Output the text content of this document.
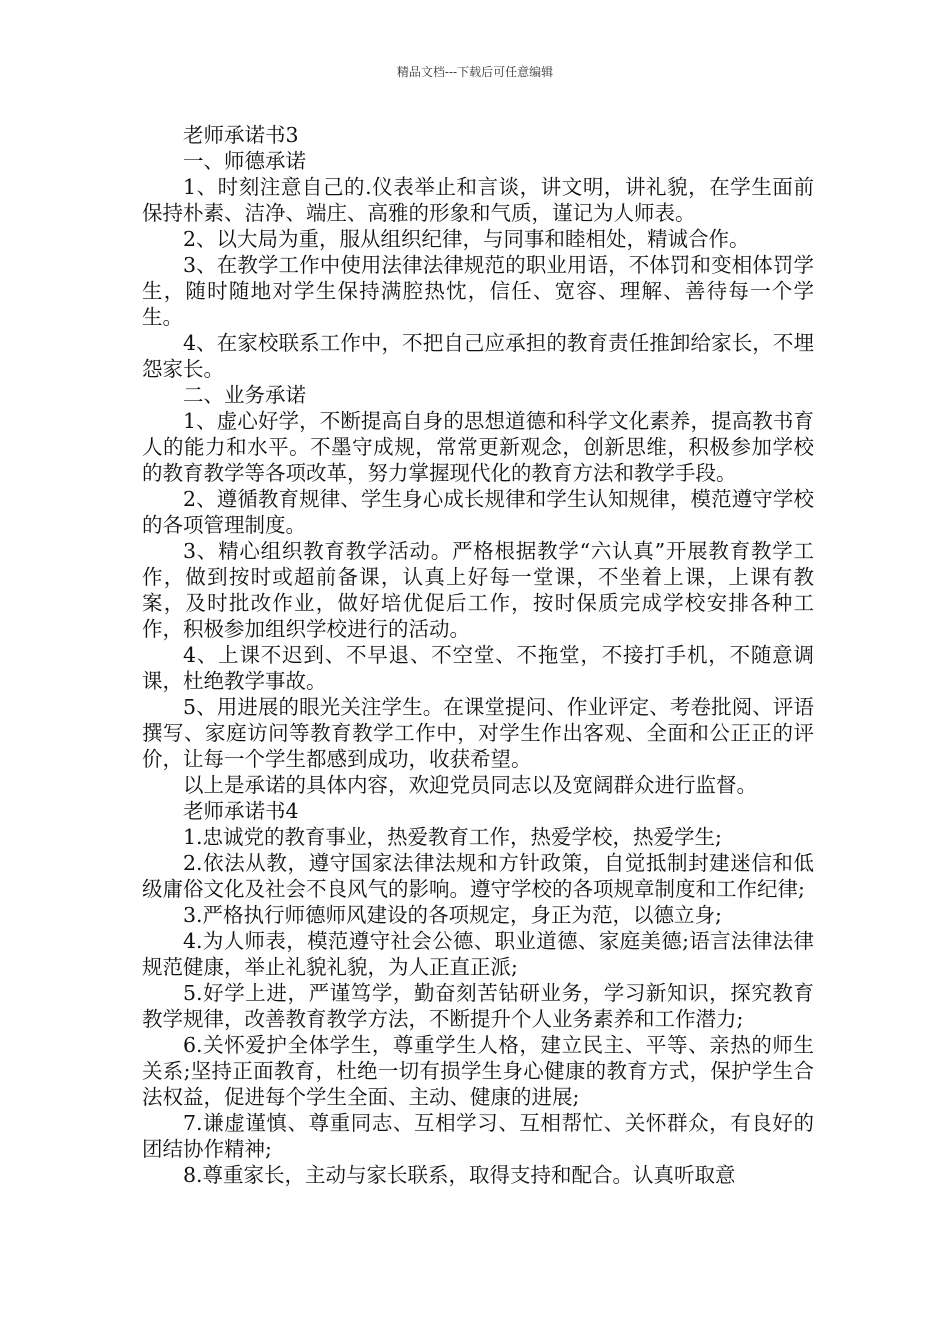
精品文档---下载后可任意编辑

老师承诺书3

一、师德承诺

1、时刻注意自己的.仪表举止和言谈，讲文明，讲礼貌，在学生面前保持朴素、洁净、端庄、高雅的形象和气质，谨记为人师表。

2、以大局为重，服从组织纪律，与同事和睦相处，精诚合作。

3、在教学工作中使用法律法律规范的职业用语，不体罚和变相体罚学生，随时随地对学生保持满腔热忱，信任、宽容、理解、善待每一个学生。

4、在家校联系工作中，不把自己应承担的教育责任推卸给家长，不埋怨家长。

二、业务承诺

1、虚心好学，不断提高自身的思想道德和科学文化素养，提高教书育人的能力和水平。不墨守成规，常常更新观念，创新思维，积极参加学校的教育教学等各项改革，努力掌握现代化的教育方法和教学手段。

2、遵循教育规律、学生身心成长规律和学生认知规律，模范遵守学校的各项管理制度。

3、精心组织教育教学活动。严格根据教学“六认真”开展教育教学工作，做到按时或超前备课，认真上好每一堂课，不坐着上课，上课有教案，及时批改作业，做好培优促后工作，按时保质完成学校安排各种工作，积极参加组织学校进行的活动。

4、上课不迟到、不早退、不空堂、不拖堂，不接打手机，不随意调课，杜绝教学事故。

5、用进展的眼光关注学生。在课堂提问、作业评定、考卷批阅、评语撰写、家庭访问等教育教学工作中，对学生作出客观、全面和公正正的评价，让每一个学生都感到成功，收获希望。

以上是承诺的具体内容，欢迎党员同志以及宽阔群众进行监督。

老师承诺书4

1.忠诚党的教育事业，热爱教育工作，热爱学校，热爱学生;

2.依法从教，遵守国家法律法规和方针政策，自觉抵制封建迷信和低级庸俗文化及社会不良风气的影响。遵守学校的各项规章制度和工作纪律;

3.严格执行师德师风建设的各项规定，身正为范，以德立身;

4.为人师表，模范遵守社会公德、职业道德、家庭美德;语言法律法律规范健康，举止礼貌礼貌，为人正直正派;

5.好学上进，严谨笃学，勤奋刻苦钻研业务，学习新知识，探究教育教学规律，改善教育教学方法，不断提升个人业务素养和工作潜力;

6.关怀爱护全体学生，尊重学生人格，建立民主、平等、亲热的师生关系;坚持正面教育，杜绝一切有损学生身心健康的教育方式，保护学生合法权益，促进每个学生全面、主动、健康的进展;

7.谦虚谨慎、尊重同志、互相学习、互相帮忙、关怀群众，有良好的团结协作精神;

8.尊重家长，主动与家长联系，取得支持和配合。认真听取意
